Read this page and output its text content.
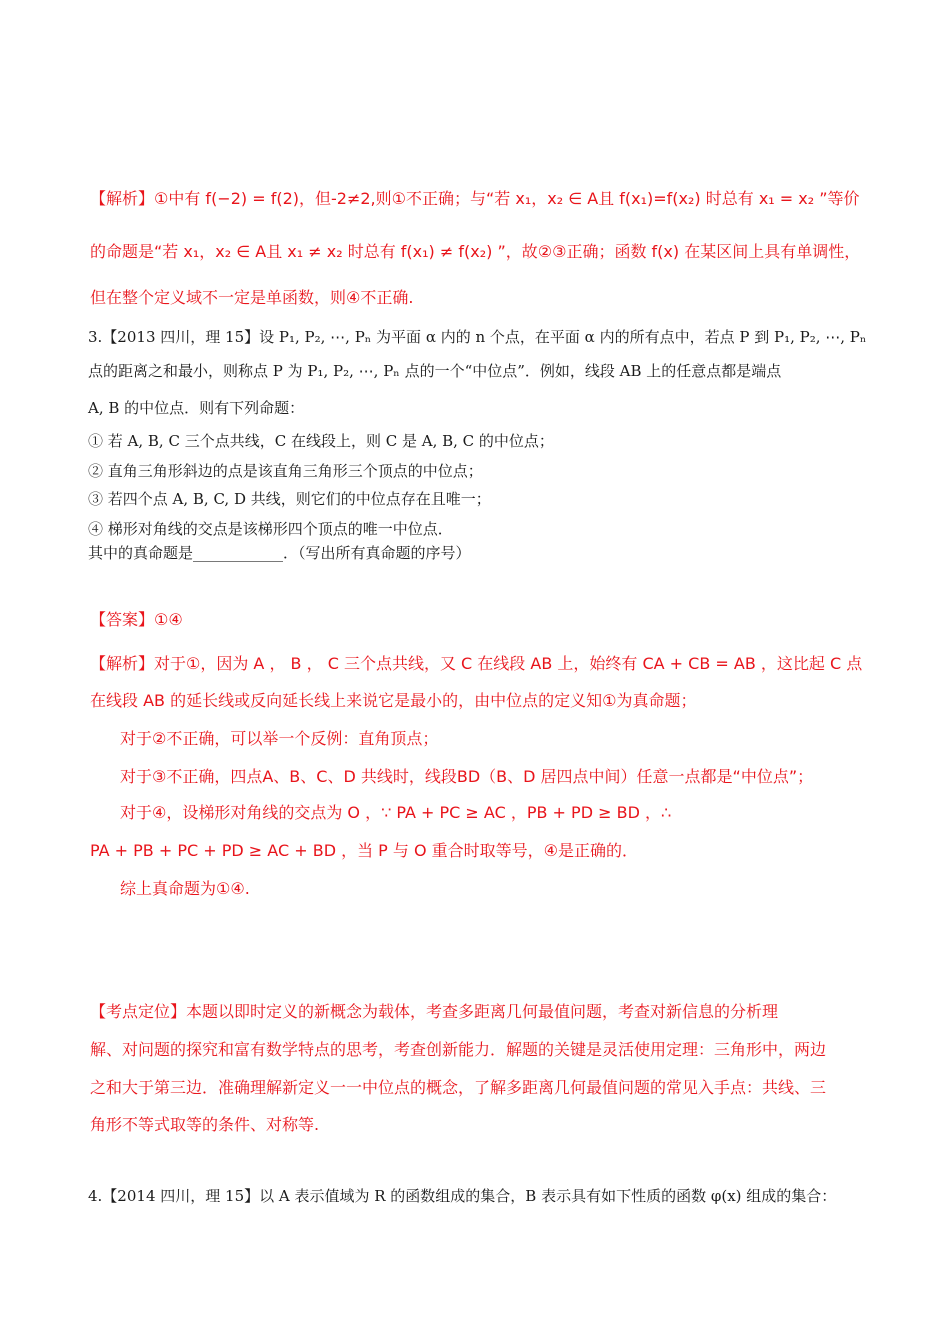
【解析】①中有 f(−2) = f(2)，但-2≠2,则①不正确；与“若 x₁，x₂ ∈ A且 f(x₁)=f(x₂) 时总有 x₁ = x₂ ”等价
的命题是“若 x₁，x₂ ∈ A且 x₁ ≠ x₂ 时总有 f(x₁) ≠ f(x₂) ”，故②③正确；函数 f(x) 在某区间上具有单调性，
但在整个定义域不一定是单函数，则④不正确.
3.【2013 四川，理 15】设 P₁, P₂, ⋯, Pₙ 为平面 α 内的 n 个点，在平面 α 内的所有点中，若点 P 到 P₁, P₂, ⋯, Pₙ
点的距离之和最小，则称点 P 为 P₁, P₂, ⋯, Pₙ 点的一个“中位点”．例如，线段 AB 上的任意点都是端点
A, B 的中位点．则有下列命题：
① 若 A, B, C 三个点共线，C 在线段上，则 C 是 A, B, C 的中位点；
② 直角三角形斜边的点是该直角三角形三个顶点的中位点；
③ 若四个点 A, B, C, D 共线，则它们的中位点存在且唯一；
④ 梯形对角线的交点是该梯形四个顶点的唯一中位点．
其中的真命题是____________．（写出所有真命题的序号）
【答案】①④
【解析】对于①，因为 A ， B ， C 三个点共线，又 C 在线段 AB 上，始终有 CA + CB = AB ，这比起 C 点
在线段 AB 的延长线或反向延长线上来说它是最小的，由中位点的定义知①为真命题；
对于②不正确，可以举一个反例：直角顶点；
对于③不正确，四点A、B、C、D 共线时，线段BD（B、D 居四点中间）任意一点都是“中位点”；
对于④，设梯形对角线的交点为 O ，∵ PA + PC ≥ AC ，PB + PD ≥ BD ，∴
PA + PB + PC + PD ≥ AC + BD ，当 P 与 O 重合时取等号，④是正确的．
综上真命题为①④.
【考点定位】本题以即时定义的新概念为载体，考查多距离几何最值问题，考查对新信息的分析理
解、对问题的探究和富有数学特点的思考，考查创新能力．解题的关键是灵活使用定理：三角形中，两边
之和大于第三边．准确理解新定义一一中位点的概念，了解多距离几何最值问题的常见入手点：共线、三
角形不等式取等的条件、对称等.
4.【2014 四川，理 15】以 A 表示值域为 R 的函数组成的集合，B 表示具有如下性质的函数 φ(x) 组成的集合：
